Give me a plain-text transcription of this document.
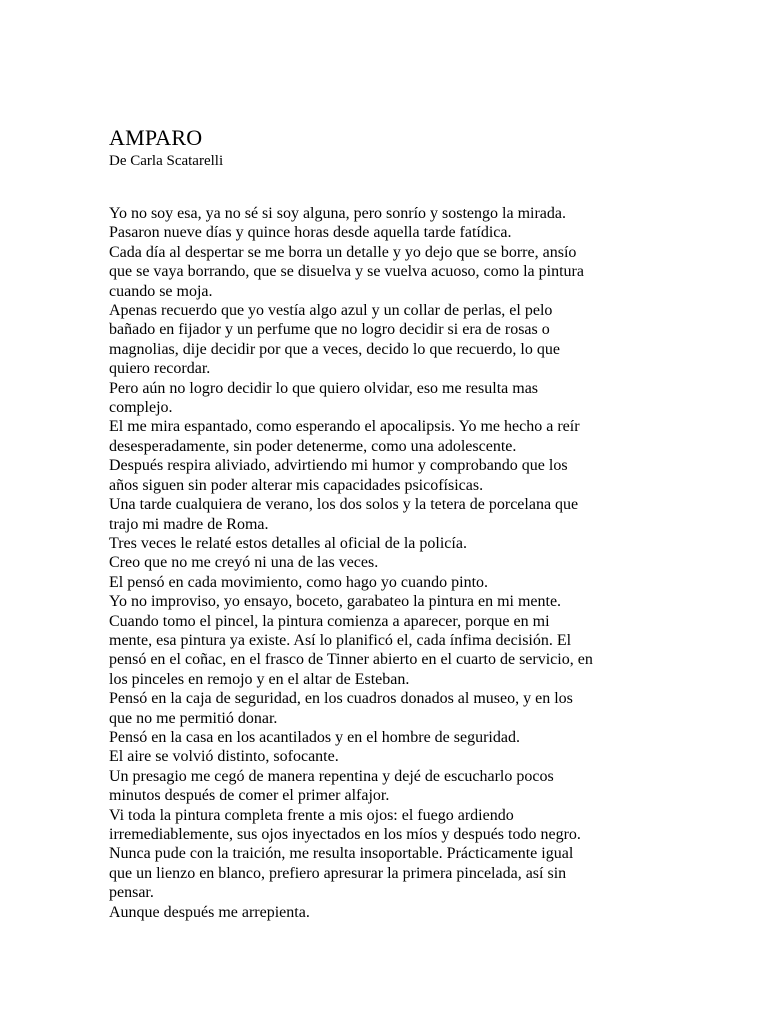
AMPARO
De Carla Scatarelli

Yo no soy esa, ya no sé si soy alguna, pero sonrío y sostengo la mirada.

Pasaron nueve días y quince horas desde aquella tarde fatídica.

Cada día al despertar se me borra un detalle y yo dejo que se borre, ansío
que se vaya borrando, que se disuelva y se vuelva acuoso, como la pintura
cuando se moja.

Apenas recuerdo que yo vestía algo azul y un collar de perlas, el pelo
bañado en fijador y un perfume que no logro decidir si era de rosas o
magnolias, dije decidir por que a veces, decido lo que recuerdo, lo que
quiero recordar.

Pero aún no logro decidir lo que quiero olvidar, eso me resulta mas
complejo.

El me mira espantado, como esperando el apocalipsis. Yo me hecho a reír
desesperadamente, sin poder detenerme, como una adolescente.

Después respira aliviado, advirtiendo mi humor y comprobando que los
años siguen sin poder alterar mis capacidades psicofísicas.

Una tarde cualquiera de verano, los dos solos y la tetera de porcelana que
trajo mi madre de Roma.

Tres veces le relaté estos detalles al oficial de la policía.

Creo que no me creyó ni una de las veces.

El pensó en cada movimiento, como hago yo cuando pinto.

Yo no improviso, yo ensayo, boceto, garabateo la pintura en mi mente.

Cuando tomo el pincel, la pintura comienza a aparecer, porque en mi
mente, esa pintura ya existe. Así lo planificó el, cada ínfima decisión. El
pensó en el coñac, en el frasco de Tinner abierto en el cuarto de servicio, en
los pinceles en remojo y en el altar de Esteban.

Pensó en la caja de seguridad, en los cuadros donados al museo, y en los
que no me permitió donar.

Pensó en la casa en los acantilados y en el hombre de seguridad.

El aire se volvió distinto, sofocante.

Un presagio me cegó de manera repentina y dejé de escucharlo pocos
minutos después de comer el primer alfajor.

Vi toda la pintura completa frente a mis ojos: el fuego ardiendo
irremediablemente, sus ojos inyectados en los míos y después todo negro.

Nunca pude con la traición, me resulta insoportable. Prácticamente igual
que un lienzo en blanco, prefiero apresurar la primera pincelada, así sin
pensar.

Aunque después me arrepienta.
